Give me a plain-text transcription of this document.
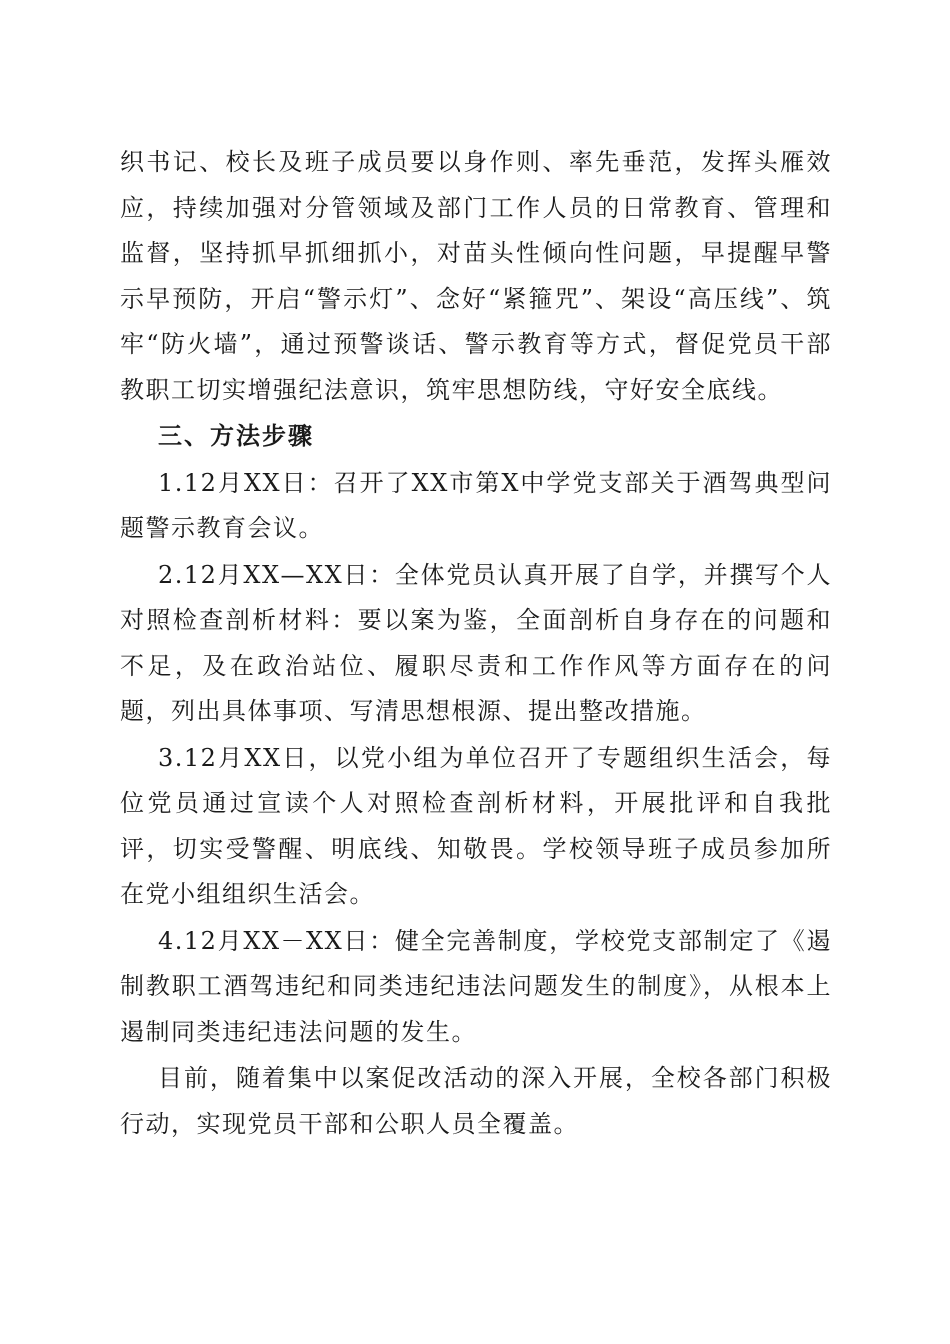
织书记、校长及班子成员要以身作则、率先垂范，发挥头雁效应，持续加强对分管领域及部门工作人员的日常教育、管理和监督，坚持抓早抓细抓小，对苗头性倾向性问题，早提醒早警示早预防，开启“警示灯”、念好“紧箍咒”、架设“高压线”、筑牢“防火墙”，通过预警谈话、警示教育等方式，督促党员干部教职工切实增强纪法意识，筑牢思想防线，守好安全底线。

三、方法步骤

1.12月XX日：召开了XX市第X中学党支部关于酒驾典型问题警示教育会议。

2.12月XX—XX日：全体党员认真开展了自学，并撰写个人对照检查剖析材料：要以案为鉴，全面剖析自身存在的问题和不足，及在政治站位、履职尽责和工作作风等方面存在的问题，列出具体事项、写清思想根源、提出整改措施。

3.12月XX日，以党小组为单位召开了专题组织生活会，每位党员通过宣读个人对照检查剖析材料，开展批评和自我批评，切实受警醒、明底线、知敬畏。学校领导班子成员参加所在党小组组织生活会。

4.12月XX－XX日：健全完善制度，学校党支部制定了《遏制教职工酒驾违纪和同类违纪违法问题发生的制度》，从根本上遏制同类违纪违法问题的发生。

目前，随着集中以案促改活动的深入开展，全校各部门积极行动，实现党员干部和公职人员全覆盖。
